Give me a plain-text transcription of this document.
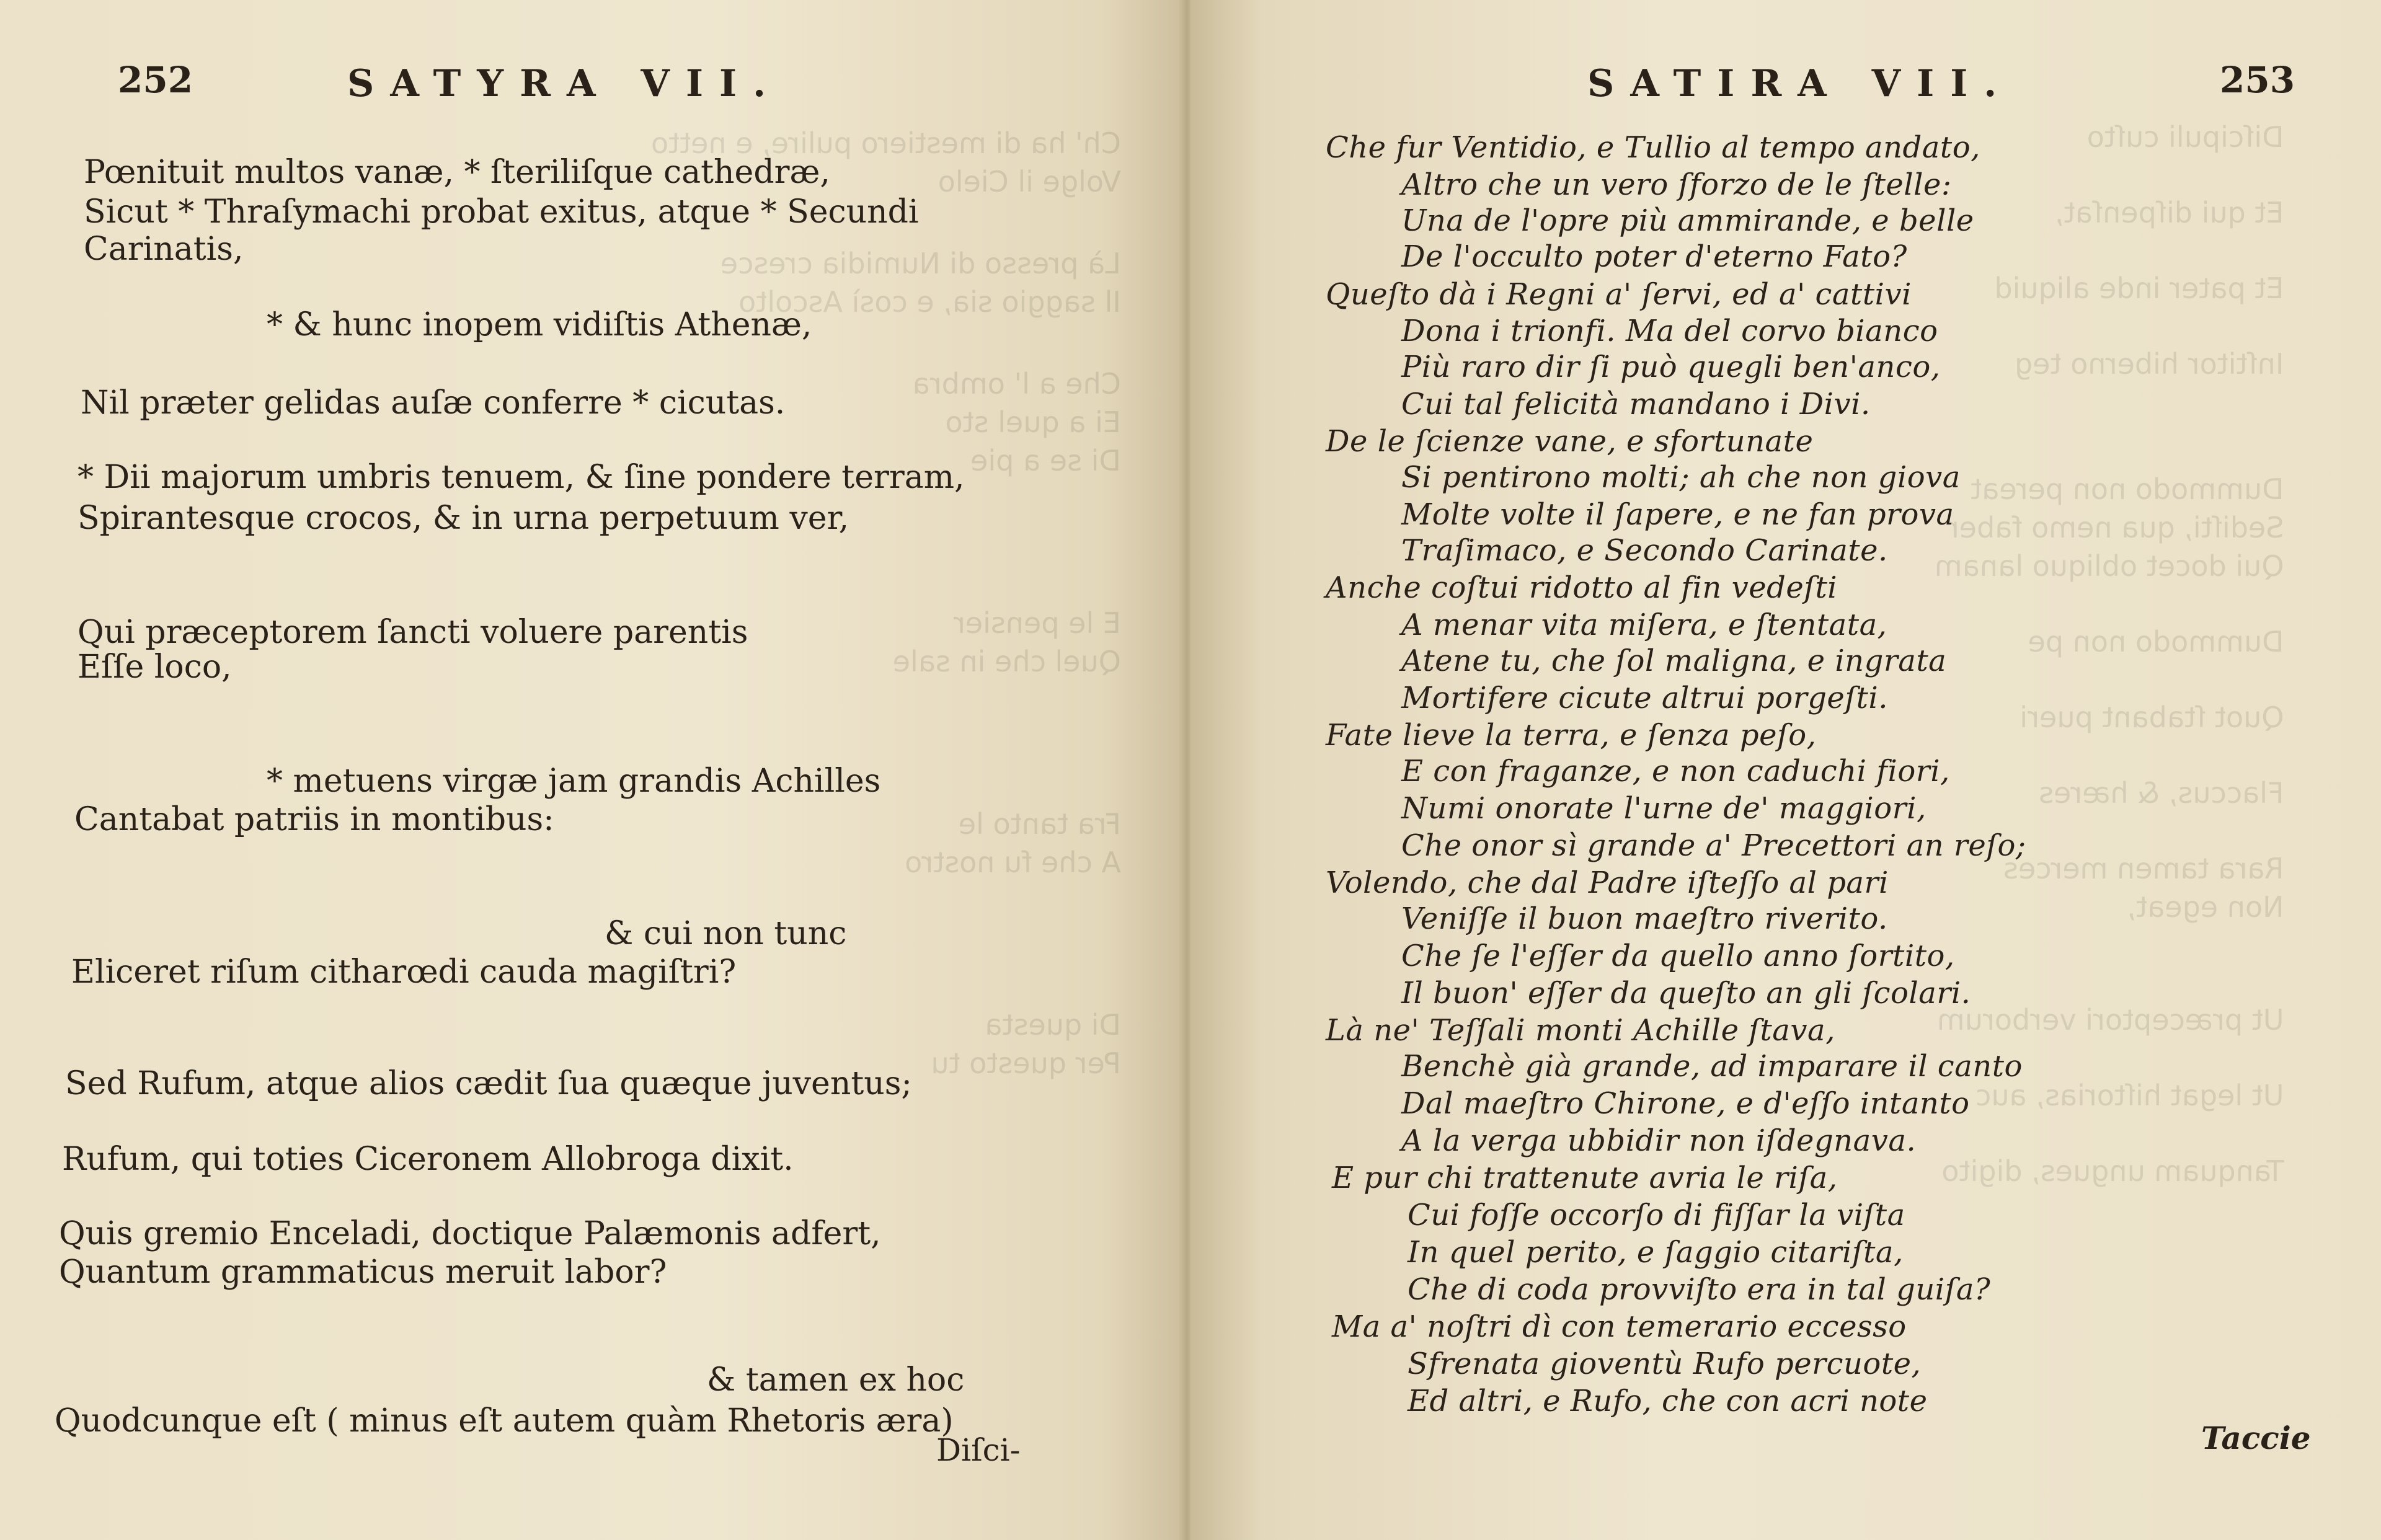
Ch' ha di mestiero pulire, e netto
Volge il Cielo
Là presso di Numidia cresce
Il saggio sia, e così Ascolto
Che a l' ombra
Ei a quel sto
Di se a pie
E le pensier
Quel che in sale
Fra tanto le
A che fu nostro
Di questa
Per questo tu
252	SATYRA VII.
Pœnituit multos vanæ, * ſteriliſque cathedræ,
Sicut * Thraſymachi probat exitus, atque * Secundi
Carinatis,
* & hunc inopem vidiſtis Athenæ,
Nil præter gelidas auſæ conferre * cicutas.
* Dii majorum umbris tenuem, & ſine pondere terram,
Spirantesque crocos, & in urna perpetuum ver,
Qui præceptorem ſancti voluere parentis
Eſſe loco,
* metuens virgæ jam grandis Achilles
Cantabat patriis in montibus:
& cui non tunc
Eliceret riſum citharœdi cauda magiſtri?
Sed Rufum, atque alios cædit ſua quæque juventus;
Rufum, qui toties Ciceronem Allobroga dixit.
Quis gremio Enceladi, doctique Palæmonis adfert,
Quantum grammaticus meruit labor?
& tamen ex hoc
Quodcunque eſt ( minus eſt autem quàm Rhetoris æra)
Diſci-
Diſcipuli cuſto
Et qui diſpenſat,
Et pater inde aliquid
Inſtitor hiberno teg
Dummodo non pereat
Sediſti, qua nemo faber
Qui docet obliquo lanam
Dummodo non pe
Quot ſtabant pueri
Flaccus, & hæres
Rara tamen merces
Non egeat,
Ut præceptori verborum
Ut legat hiſtorias, auc
Tanquam ungues, digito
SATIRA VII.	253
Che fur Ventidio, e Tullio al tempo andato,
Altro che un vero ſforzo de le ſtelle:
Una de l'opre più ammirande, e belle
De l'occulto poter d'eterno Fato?
Queſto dà i Regni a' ſervi, ed a' cattivi
Dona i trionfi. Ma del corvo bianco
Più raro dir ſi può quegli ben'anco,
Cui tal felicità mandano i Divi.
De le ſcienze vane, e sfortunate
Si pentirono molti; ah che non giova
Molte volte il ſapere, e ne fan prova
Traſimaco, e Secondo Carinate.
Anche coſtui ridotto al fin vedeſti
A menar vita miſera, e ſtentata,
Atene tu, che ſol maligna, e ingrata
Mortifere cicute altrui porgeſti.
Fate lieve la terra, e ſenza peſo,
E con fraganze, e non caduchi fiori,
Numi onorate l'urne de' maggiori,
Che onor sì grande a' Precettori an reſo;
Volendo, che dal Padre iſteſſo al pari
Veniſſe il buon maeſtro riverito.
Che ſe l'eſſer da quello anno ſortito,
Il buon' eſſer da queſto an gli ſcolari.
Là ne' Teſſali monti Achille ſtava,
Benchè già grande, ad imparare il canto
Dal maeſtro Chirone, e d'eſſo intanto
A la verga ubbidir non iſdegnava.
E pur chi trattenute avria le riſa,
Cui foſſe occorſo di fiſſar la viſta
In quel perito, e ſaggio citariſta,
Che di coda provviſto era in tal guiſa?
Ma a' noſtri dì con temerario eccesso
Sfrenata gioventù Rufo percuote,
Ed altri, e Rufo, che con acri note
Taccie
